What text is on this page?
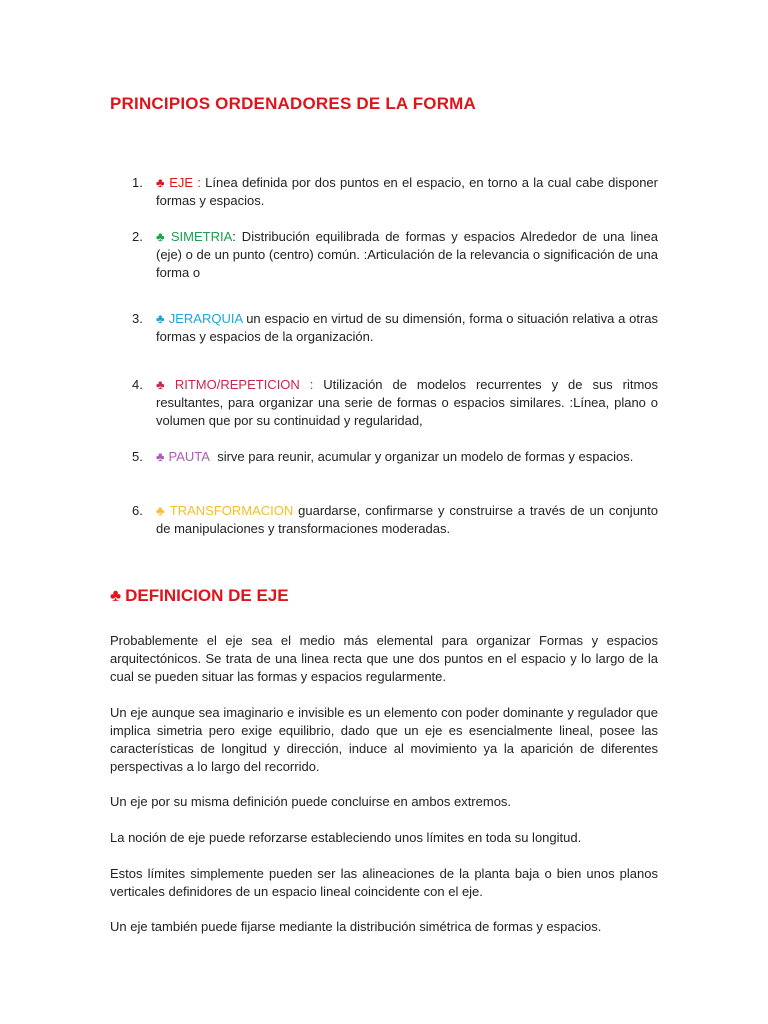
PRINCIPIOS ORDENADORES DE LA FORMA
1. ♣ EJE : Línea definida por dos puntos en el espacio, en torno a la cual cabe disponer formas y espacios.
2. ♣ SIMETRIA: Distribución equilibrada de formas y espacios Alrededor de una linea (eje) o de un punto (centro) común. :Articulación de la relevancia o significación de una forma o
3. ♣ JERARQUIA un espacio en virtud de su dimensión, forma o situación relativa a otras formas y espacios de la organización.
4. ♣ RITMO/REPETICION : Utilización de modelos recurrentes y de sus ritmos resultantes, para organizar una serie de formas o espacios similares. :Línea, plano o volumen que por su continuidad y regularidad,
5. ♣ PAUTA sirve para reunir, acumular y organizar un modelo de formas y espacios.
6. ♣ TRANSFORMACION guardarse, confirmarse y construirse a través de un conjunto de manipulaciones y transformaciones moderadas.
♣ DEFINICION DE EJE

Probablemente el eje sea el medio más elemental para organizar Formas y espacios arquitectónicos. Se trata de una linea recta que une dos puntos en el espacio y lo largo de la cual se pueden situar las formas y espacios regularmente.

Un eje aunque sea imaginario e invisible es un elemento con poder dominante y regulador que implica simetria pero exige equilibrio, dado que un eje es esencialmente lineal, posee las características de longitud y dirección, induce al movimiento ya la aparición de diferentes perspectivas a lo largo del recorrido.

Un eje por su misma definición puede concluirse en ambos extremos.

La noción de eje puede reforzarse estableciendo unos límites en toda su longitud.

Estos límites simplemente pueden ser las alineaciones de la planta baja o bien unos planos verticales definidores de un espacio lineal coincidente con el eje.

Un eje también puede fijarse mediante la distribución simétrica de formas y espacios.
